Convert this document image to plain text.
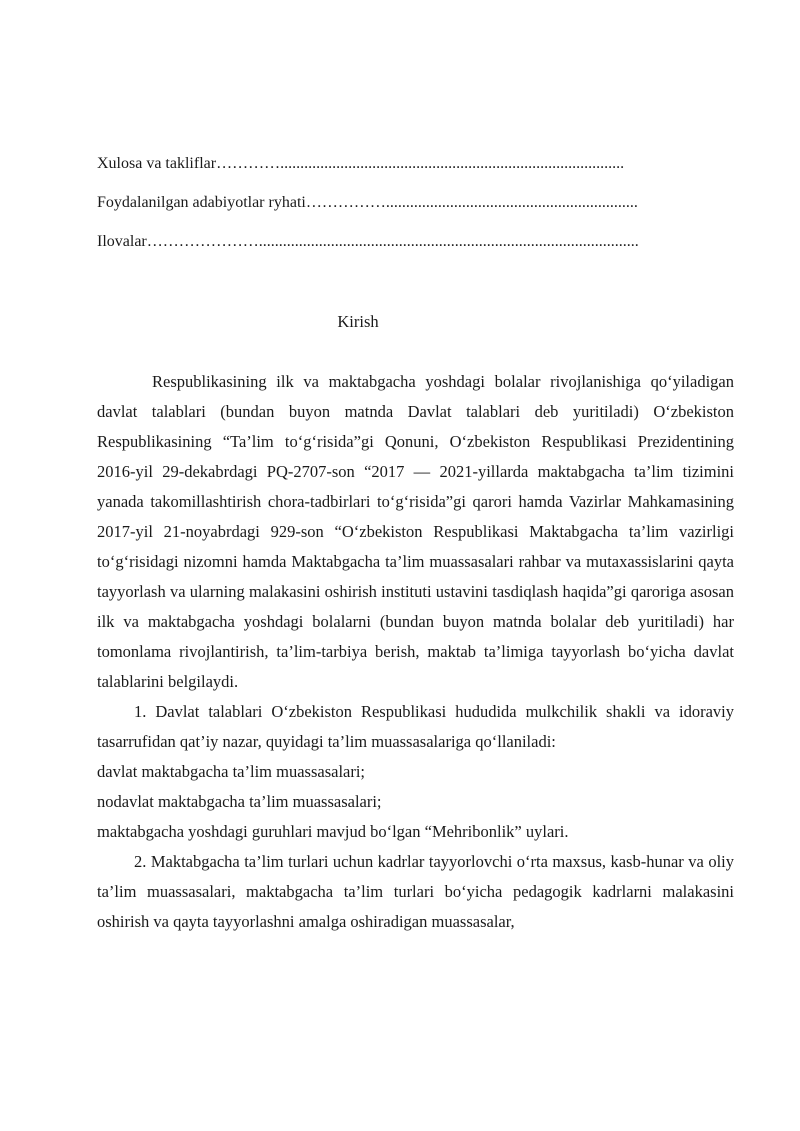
Xulosa va takliflar…………......................................................................................
Foydalanilgan adabiyotlar ryhati……………...............................................................
Ilovalar…………………...............................................................................................
Kirish

Respublikasining ilk va maktabgacha yoshdagi bolalar rivojlanishiga qo‘yiladigan davlat talablari (bundan buyon matnda Davlat talablari deb yuritiladi) O‘zbekiston Respublikasining “Ta’lim to‘g‘risida”gi Qonuni, O‘zbekiston Respublikasi Prezidentining 2016-yil 29-dekabrdagi PQ-2707-son “2017 — 2021-yillarda maktabgacha ta’lim tizimini yanada takomillashtirish chora-tadbirlari to‘g‘risida”gi qarori hamda Vazirlar Mahkamasining 2017-yil 21-noyabrdagi 929-son “O‘zbekiston Respublikasi Maktabgacha ta’lim vazirligi to‘g‘risidagi nizomni hamda Maktabgacha ta’lim muassasalari rahbar va mutaxassislarini qayta tayyorlash va ularning malakasini oshirish instituti ustavini tasdiqlash haqida”gi qaroriga asosan ilk va maktabgacha yoshdagi bolalarni (bundan buyon matnda bolalar deb yuritiladi) har tomonlama rivojlantirish, ta’lim-tarbiya berish, maktab ta’limiga tayyorlash bo‘yicha davlat talablarini belgilaydi.

1. Davlat talablari O‘zbekiston Respublikasi hududida mulkchilik shakli va idoraviy tasarrufidan qat’iy nazar, quyidagi ta’lim muassasalariga qo‘llaniladi:

davlat maktabgacha ta’lim muassasalari;

nodavlat maktabgacha ta’lim muassasalari;

maktabgacha yoshdagi guruhlari mavjud bo‘lgan “Mehribonlik” uylari.

2. Maktabgacha ta’lim turlari uchun kadrlar tayyorlovchi o‘rta maxsus, kasb-hunar va oliy ta’lim muassasalari, maktabgacha ta’lim turlari bo‘yicha pedagogik kadrlarni malakasini oshirish va qayta tayyorlashni amalga oshiradigan muassasalar,
